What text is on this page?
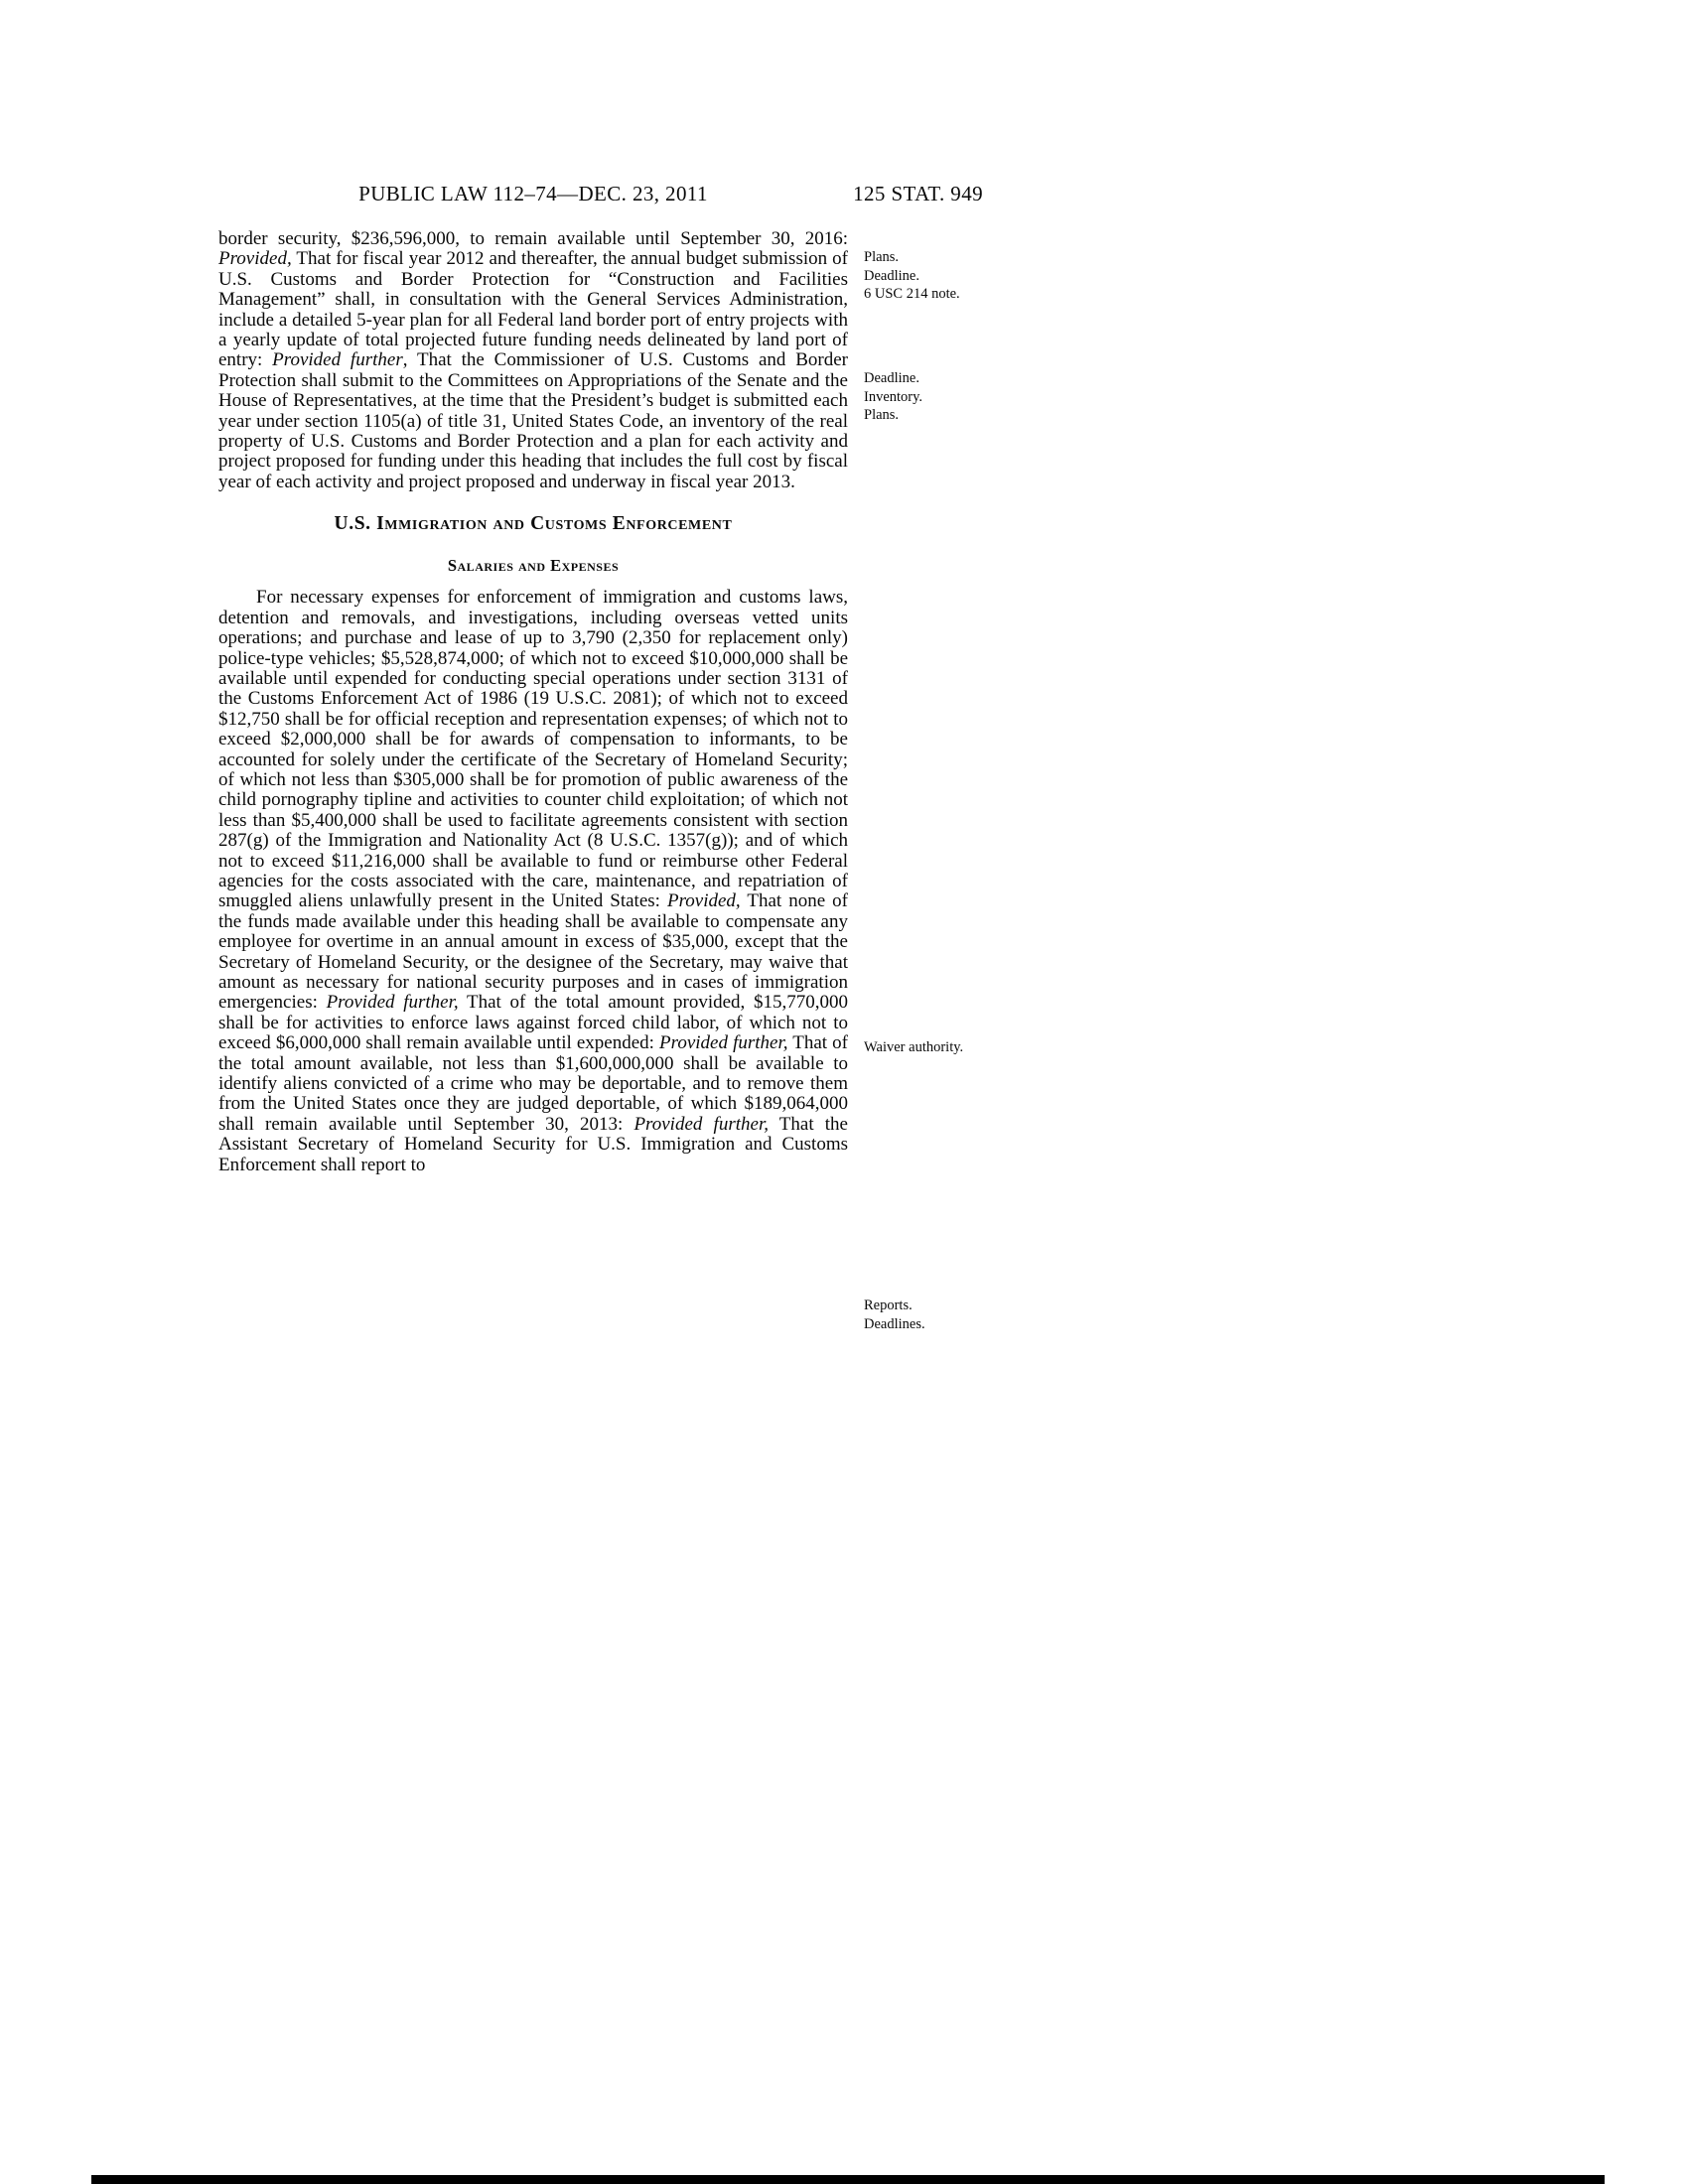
PUBLIC LAW 112–74—DEC. 23, 2011	125 STAT. 949

border security, $236,596,000, to remain available until September 30, 2016: Provided, That for fiscal year 2012 and thereafter, the annual budget submission of U.S. Customs and Border Protection for “Construction and Facilities Management” shall, in consultation with the General Services Administration, include a detailed 5-year plan for all Federal land border port of entry projects with a yearly update of total projected future funding needs delineated by land port of entry: Provided further, That the Commissioner of U.S. Customs and Border Protection shall submit to the Committees on Appropriations of the Senate and the House of Representatives, at the time that the President’s budget is submitted each year under section 1105(a) of title 31, United States Code, an inventory of the real property of U.S. Customs and Border Protection and a plan for each activity and project proposed for funding under this heading that includes the full cost by fiscal year of each activity and project proposed and underway in fiscal year 2013.

U.S. Immigration and Customs Enforcement
Salaries and Expenses

For necessary expenses for enforcement of immigration and customs laws, detention and removals, and investigations, including overseas vetted units operations; and purchase and lease of up to 3,790 (2,350 for replacement only) police-type vehicles; $5,528,874,000; of which not to exceed $10,000,000 shall be available until expended for conducting special operations under section 3131 of the Customs Enforcement Act of 1986 (19 U.S.C. 2081); of which not to exceed $12,750 shall be for official reception and representation expenses; of which not to exceed $2,000,000 shall be for awards of compensation to informants, to be accounted for solely under the certificate of the Secretary of Homeland Security; of which not less than $305,000 shall be for promotion of public awareness of the child pornography tipline and activities to counter child exploitation; of which not less than $5,400,000 shall be used to facilitate agreements consistent with section 287(g) of the Immigration and Nationality Act (8 U.S.C. 1357(g)); and of which not to exceed $11,216,000 shall be available to fund or reimburse other Federal agencies for the costs associated with the care, maintenance, and repatriation of smuggled aliens unlawfully present in the United States: Provided, That none of the funds made available under this heading shall be available to compensate any employee for overtime in an annual amount in excess of $35,000, except that the Secretary of Homeland Security, or the designee of the Secretary, may waive that amount as necessary for national security purposes and in cases of immigration emergencies: Provided further, That of the total amount provided, $15,770,000 shall be for activities to enforce laws against forced child labor, of which not to exceed $6,000,000 shall remain available until expended: Provided further, That of the total amount available, not less than $1,600,000,000 shall be available to identify aliens convicted of a crime who may be deportable, and to remove them from the United States once they are judged deportable, of which $189,064,000 shall remain available until September 30, 2013: Provided further, That the Assistant Secretary of Homeland Security for U.S. Immigration and Customs Enforcement shall report to

Plans.
Deadline.
6 USC 214 note.
Deadline.
Inventory.
Plans.
Waiver authority.
Reports.
Deadlines.
